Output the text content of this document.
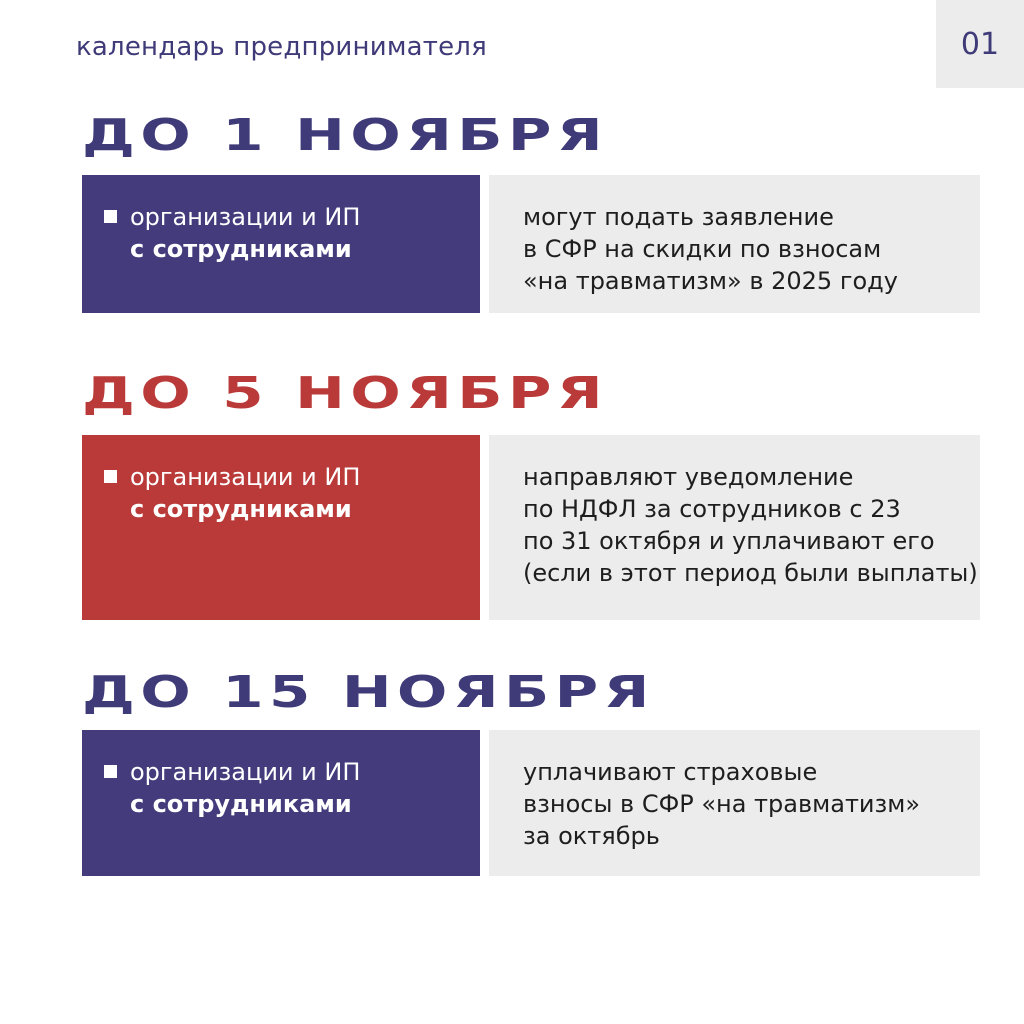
календарь предпринимателя	01
ДО 1 НОЯБРЯ
организации и ИП
с сотрудниками
могут подать заявление
в СФР на скидки по взносам
«на травматизм» в 2025 году
ДО 5 НОЯБРЯ
организации и ИП
с сотрудниками
направляют уведомление
по НДФЛ за сотрудников с 23
по 31 октября и уплачивают его
(если в этот период были выплаты)
ДО 15 НОЯБРЯ
организации и ИП
с сотрудниками
уплачивают страховые
взносы в СФР «на травматизм»
за октябрь
